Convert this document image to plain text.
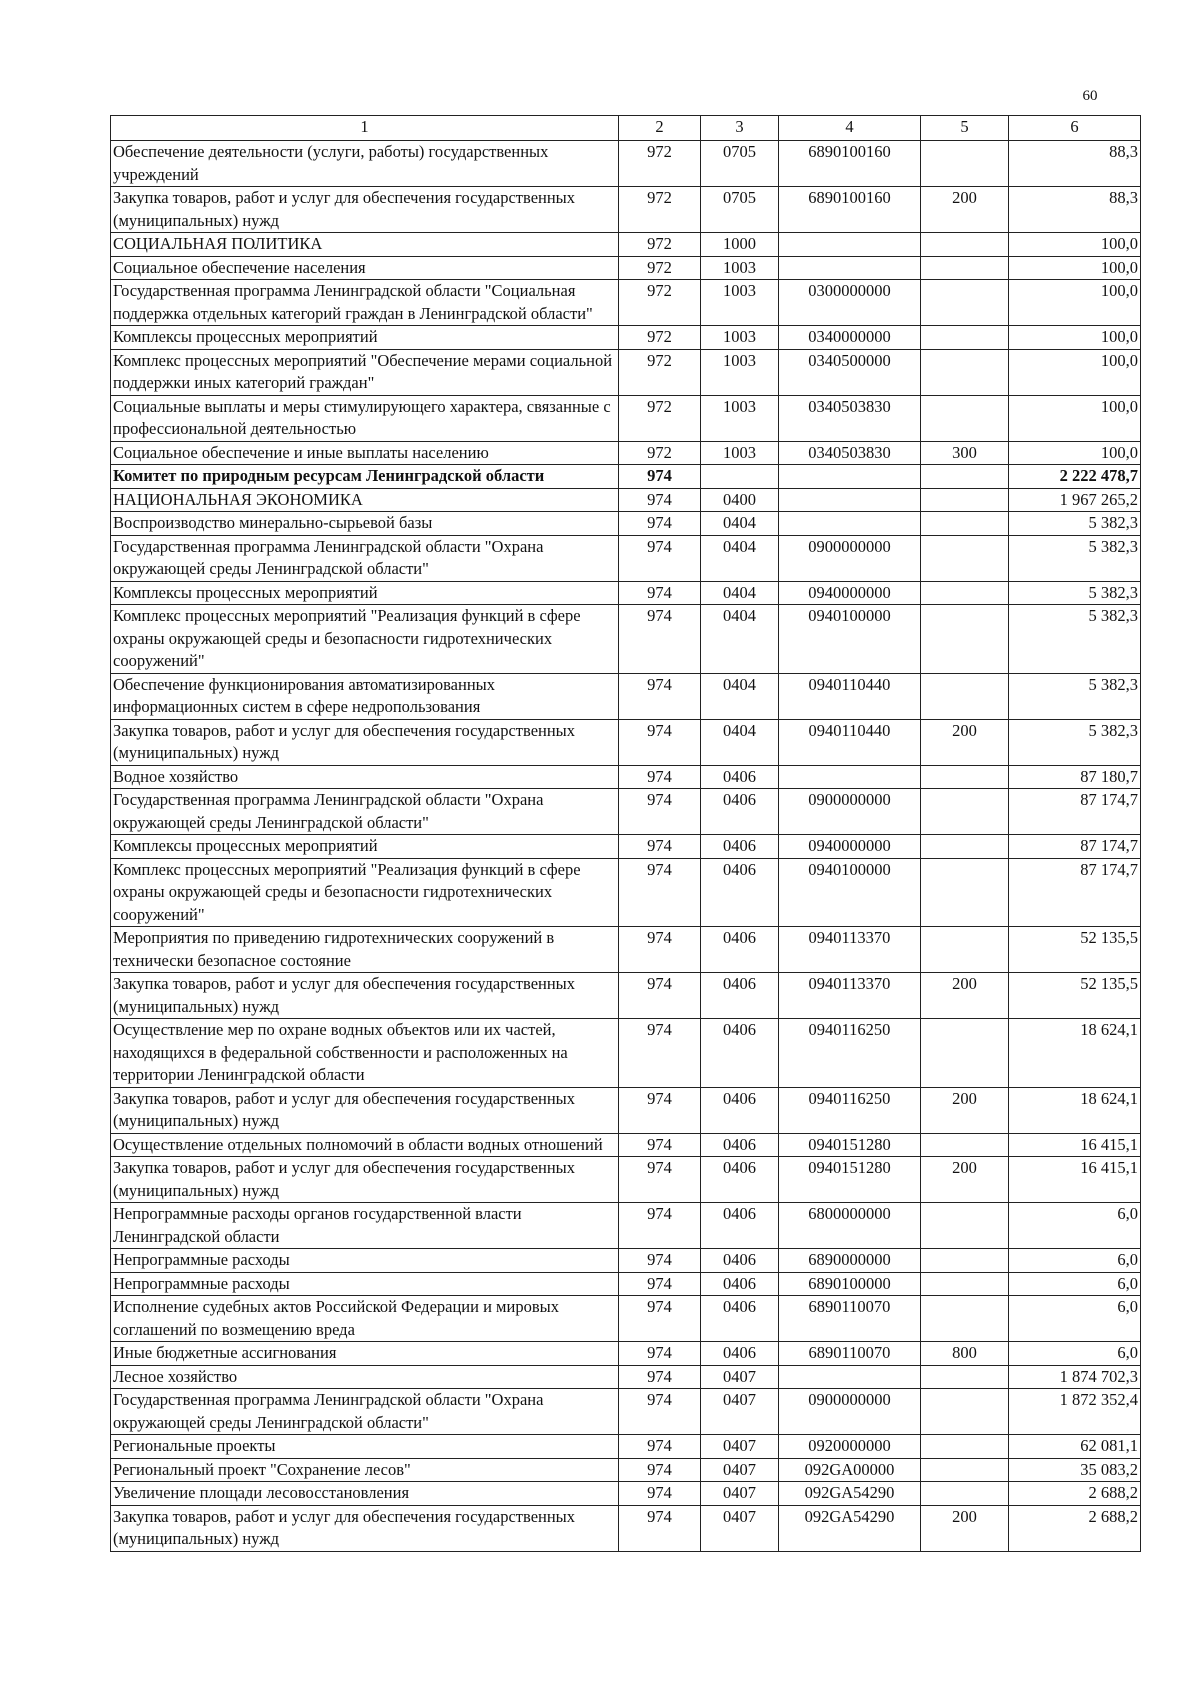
60
1	2	3	4	5	6
Обеспечение деятельности (услуги, работы) государственных учреждений	972	0705	6890100160		88,3
Закупка товаров, работ и услуг для обеспечения государственных (муниципальных) нужд	972	0705	6890100160	200	88,3
СОЦИАЛЬНАЯ ПОЛИТИКА	972	1000			100,0
Социальное обеспечение населения	972	1003			100,0
Государственная программа Ленинградской области "Социальная поддержка отдельных категорий граждан в Ленинградской области"	972	1003	0300000000		100,0
Комплексы процессных мероприятий	972	1003	0340000000		100,0
Комплекс процессных мероприятий "Обеспечение мерами социальной поддержки иных категорий граждан"	972	1003	0340500000		100,0
Социальные выплаты и меры стимулирующего характера, связанные с профессиональной деятельностью	972	1003	0340503830		100,0
Социальное обеспечение и иные выплаты населению	972	1003	0340503830	300	100,0
Комитет по природным ресурсам Ленинградской области	974				2 222 478,7
НАЦИОНАЛЬНАЯ ЭКОНОМИКА	974	0400			1 967 265,2
Воспроизводство минерально-сырьевой базы	974	0404			5 382,3
Государственная программа Ленинградской области "Охрана окружающей среды Ленинградской области"	974	0404	0900000000		5 382,3
Комплексы процессных мероприятий	974	0404	0940000000		5 382,3
Комплекс процессных мероприятий "Реализация функций в сфере охраны окружающей среды и безопасности гидротехнических сооружений"	974	0404	0940100000		5 382,3
Обеспечение функционирования автоматизированных информационных систем в сфере недропользования	974	0404	0940110440		5 382,3
Закупка товаров, работ и услуг для обеспечения государственных (муниципальных) нужд	974	0404	0940110440	200	5 382,3
Водное хозяйство	974	0406			87 180,7
Государственная программа Ленинградской области "Охрана окружающей среды Ленинградской области"	974	0406	0900000000		87 174,7
Комплексы процессных мероприятий	974	0406	0940000000		87 174,7
Комплекс процессных мероприятий "Реализация функций в сфере охраны окружающей среды и безопасности гидротехнических сооружений"	974	0406	0940100000		87 174,7
Мероприятия по приведению гидротехнических сооружений в технически безопасное состояние	974	0406	0940113370		52 135,5
Закупка товаров, работ и услуг для обеспечения государственных (муниципальных) нужд	974	0406	0940113370	200	52 135,5
Осуществление мер по охране водных объектов или их частей, находящихся в федеральной собственности и расположенных на территории Ленинградской области	974	0406	0940116250		18 624,1
Закупка товаров, работ и услуг для обеспечения государственных (муниципальных) нужд	974	0406	0940116250	200	18 624,1
Осуществление отдельных полномочий в области водных отношений	974	0406	0940151280		16 415,1
Закупка товаров, работ и услуг для обеспечения государственных (муниципальных) нужд	974	0406	0940151280	200	16 415,1
Непрограммные расходы органов государственной власти Ленинградской области	974	0406	6800000000		6,0
Непрограммные расходы	974	0406	6890000000		6,0
Непрограммные расходы	974	0406	6890100000		6,0
Исполнение судебных актов Российской Федерации и мировых соглашений по возмещению вреда	974	0406	6890110070		6,0
Иные бюджетные ассигнования	974	0406	6890110070	800	6,0
Лесное хозяйство	974	0407			1 874 702,3
Государственная программа Ленинградской области "Охрана окружающей среды Ленинградской области"	974	0407	0900000000		1 872 352,4
Региональные проекты	974	0407	0920000000		62 081,1
Региональный проект "Сохранение лесов"	974	0407	092GA00000		35 083,2
Увеличение площади лесовосстановления	974	0407	092GA54290		2 688,2
Закупка товаров, работ и услуг для обеспечения государственных (муниципальных) нужд	974	0407	092GA54290	200	2 688,2
